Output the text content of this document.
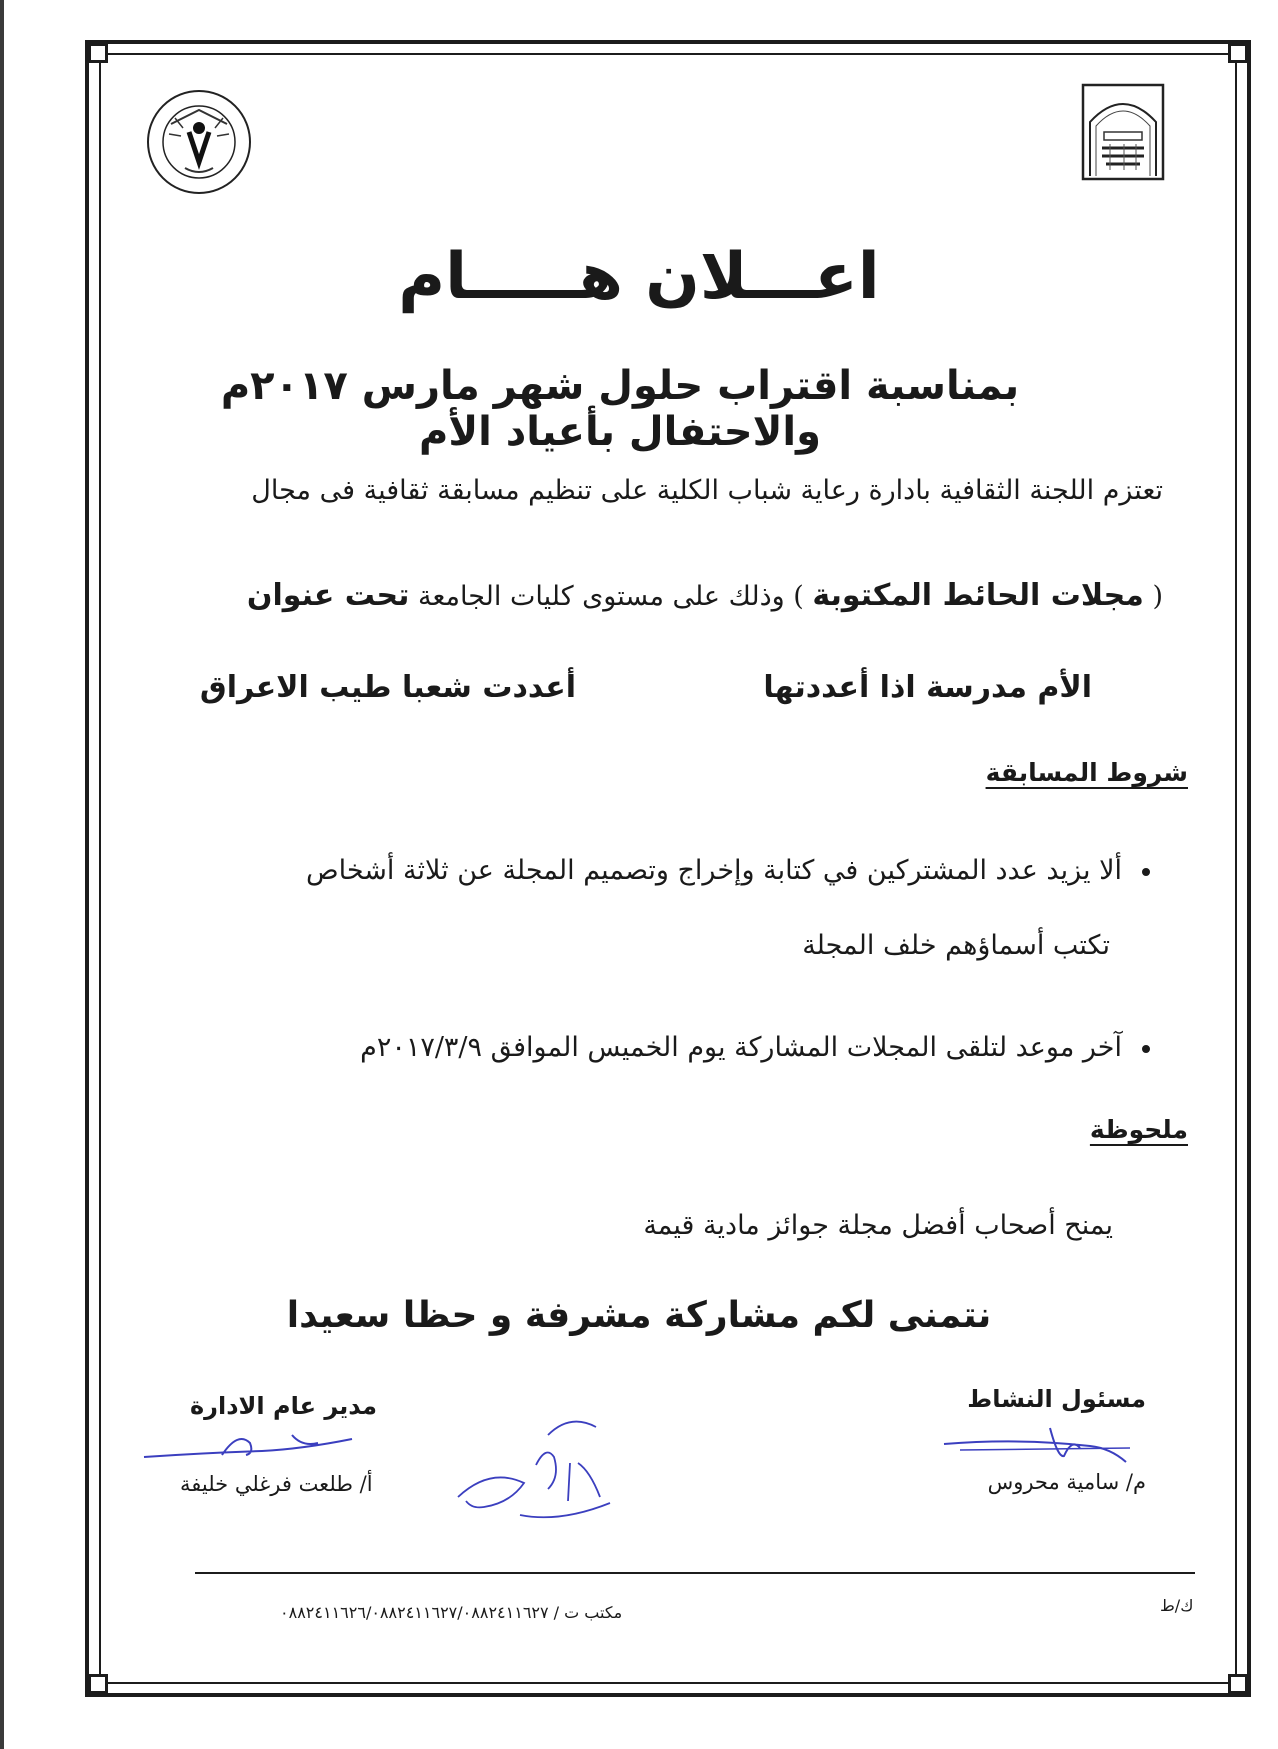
اعـــلان هـــــام
بمناسبة اقتراب حلول شهر مارس ٢٠١٧م والاحتفال بأعياد الأم
تعتزم اللجنة الثقافية بادارة رعاية شباب الكلية على تنظيم مسابقة ثقافية فى مجال
( مجلات الحائط المكتوبة ) وذلك على مستوى كليات الجامعة تحت عنوان
الأم مدرسة اذا أعددتها
أعددت شعبا طيب الاعراق
شروط المسابقة
ألا يزيد عدد المشتركين في كتابة وإخراج وتصميم المجلة عن ثلاثة أشخاص
تكتب أسماؤهم خلف المجلة
آخر موعد لتلقى المجلات المشاركة يوم الخميس الموافق ٢٠١٧/٣/٩م
ملحوظة
يمنح أصحاب أفضل مجلة جوائز مادية قيمة
نتمنى لكم مشاركة مشرفة و حظا سعيدا
مسئول النشاط
م/ سامية محروس
مدير عام الادارة
أ/ طلعت فرغلي خليفة
ك/ط
مكتب ت / ٠٨٨٢٤١١٦٢٦/٠٨٨٢٤١١٦٢٧/٠٨٨٢٤١١٦٢٧
